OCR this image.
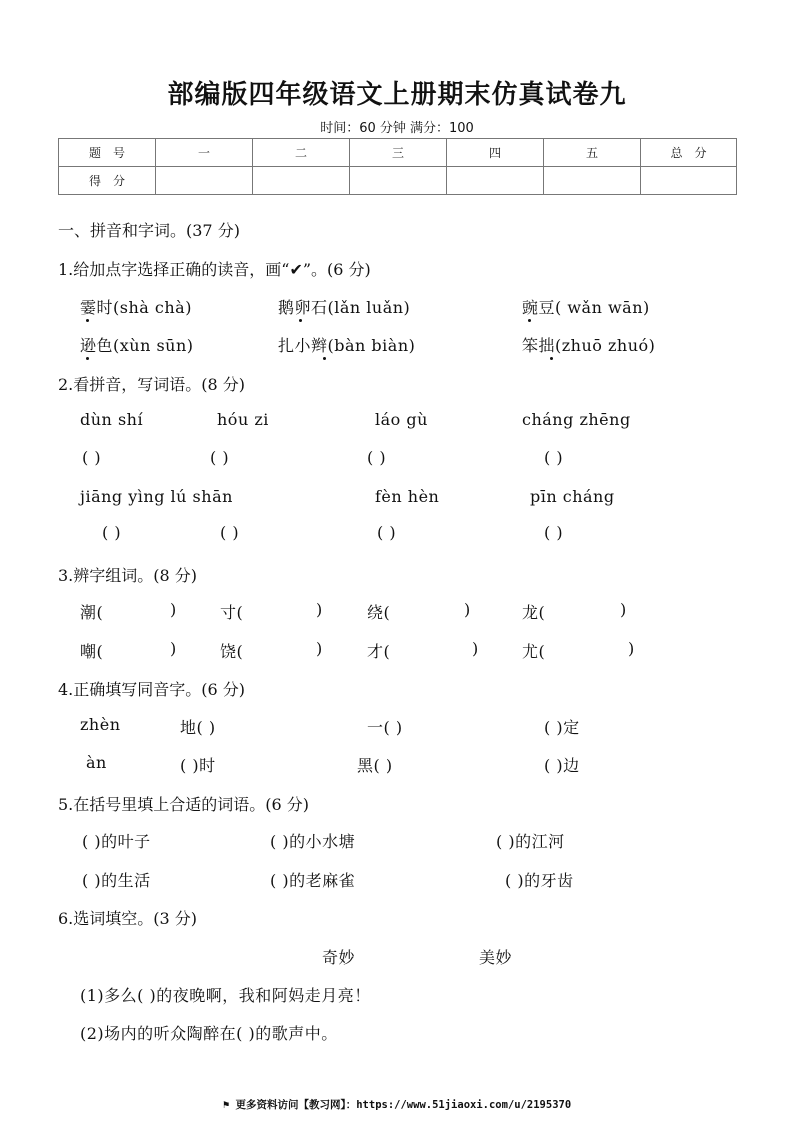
部编版四年级语文上册期末仿真试卷九
时间：60 分钟 满分：100
题　号	一	二	三	四	五	总　分
得　分						
一、拼音和字词。(37 分)
1.给加点字选择正确的读音，画“✔”。(6 分)
霎时(shà chà)	鹅卵石(lǎn luǎn)	豌豆( wǎn wān)
逊色(xùn sūn)	扎小辫(bàn biàn)	笨拙(zhuō zhuó)
2.看拼音，写词语。(8 分)
dùn shí	hóu zi	láo gù	cháng zhēng
( )	( )	( )	( )
jiāng yìng lú shān	fèn hèn	pīn cháng
( )	( )	( )	( )
3.辨字组词。(8 分)
潮(	)	寸(	)	绕(	)	龙(	)
嘲(	)	饶(	)	才(	)	尤(	)
4.正确填写同音字。(6 分)
zhèn	地( )	一( )	( )定
àn	( )时	黑( )	( )边
5.在括号里填上合适的词语。(6 分)
( )的叶子	( )的小水塘	( )的江河
( )的生活	( )的老麻雀	( )的牙齿
6.选词填空。(3 分)
奇妙	美妙
(1)多么( )的夜晚啊，我和阿妈走月亮！
(2)场内的听众陶醉在( )的歌声中。
⚑ 更多资料访问【教习网】：https://www.51jiaoxi.com/u/2195370
